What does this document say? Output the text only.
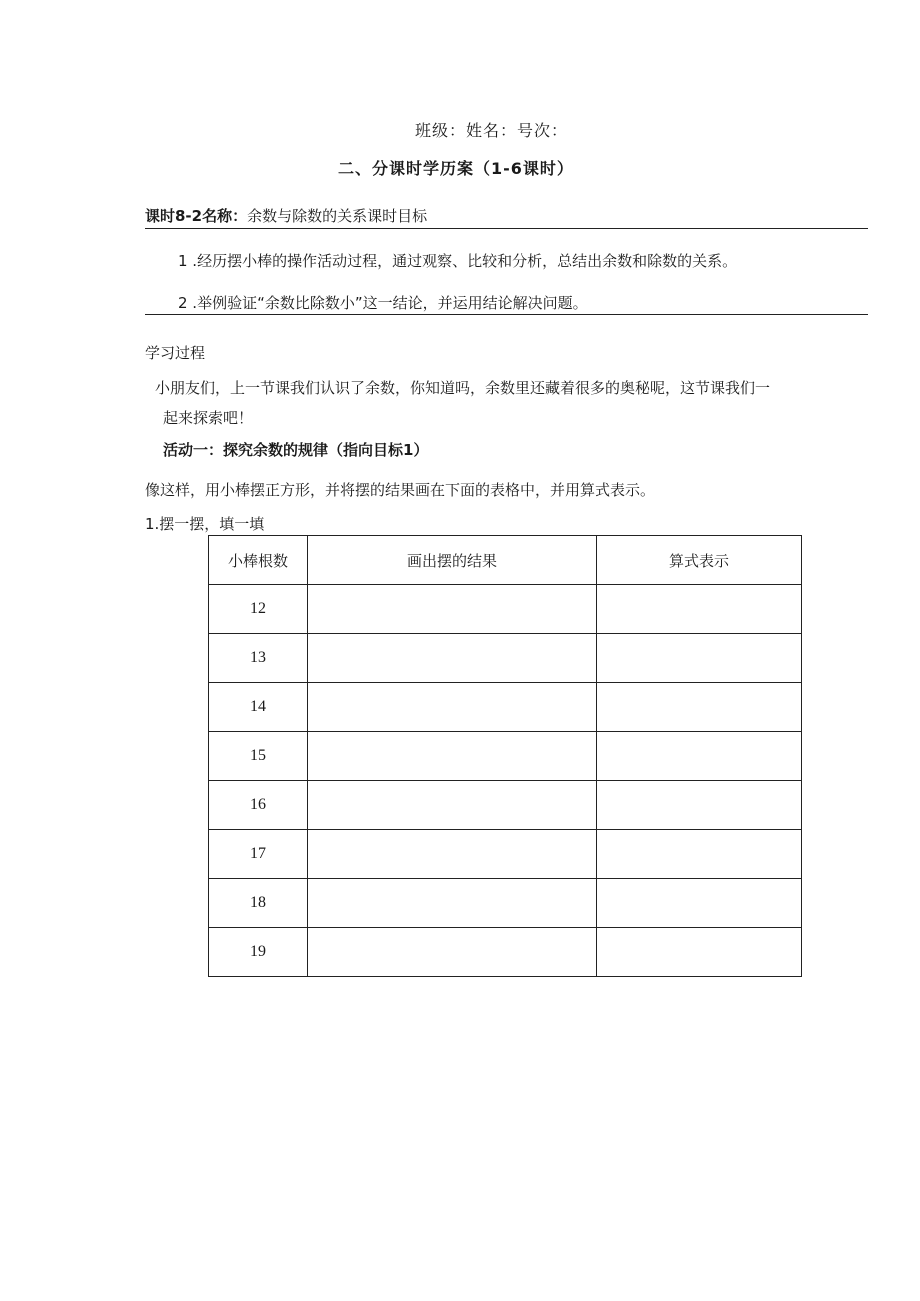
班级：姓名：号次：
二、分课时学历案（1-6课时）
课时8-2名称：余数与除数的关系课时目标
1 .经历摆小棒的操作活动过程，通过观察、比较和分析，总结出余数和除数的关系。
2 .举例验证“余数比除数小”这一结论，并运用结论解决问题。
学习过程
小朋友们，上一节课我们认识了余数，你知道吗，余数里还藏着很多的奥秘呢，这节课我们一
起来探索吧！
活动一：探究余数的规律（指向目标1）
像这样，用小棒摆正方形，并将摆的结果画在下面的表格中，并用算式表示。
1.摆一摆，填一填
小棒根数	画出摆的结果	算式表示
12		
13		
14		
15		
16		
17		
18		
19		
